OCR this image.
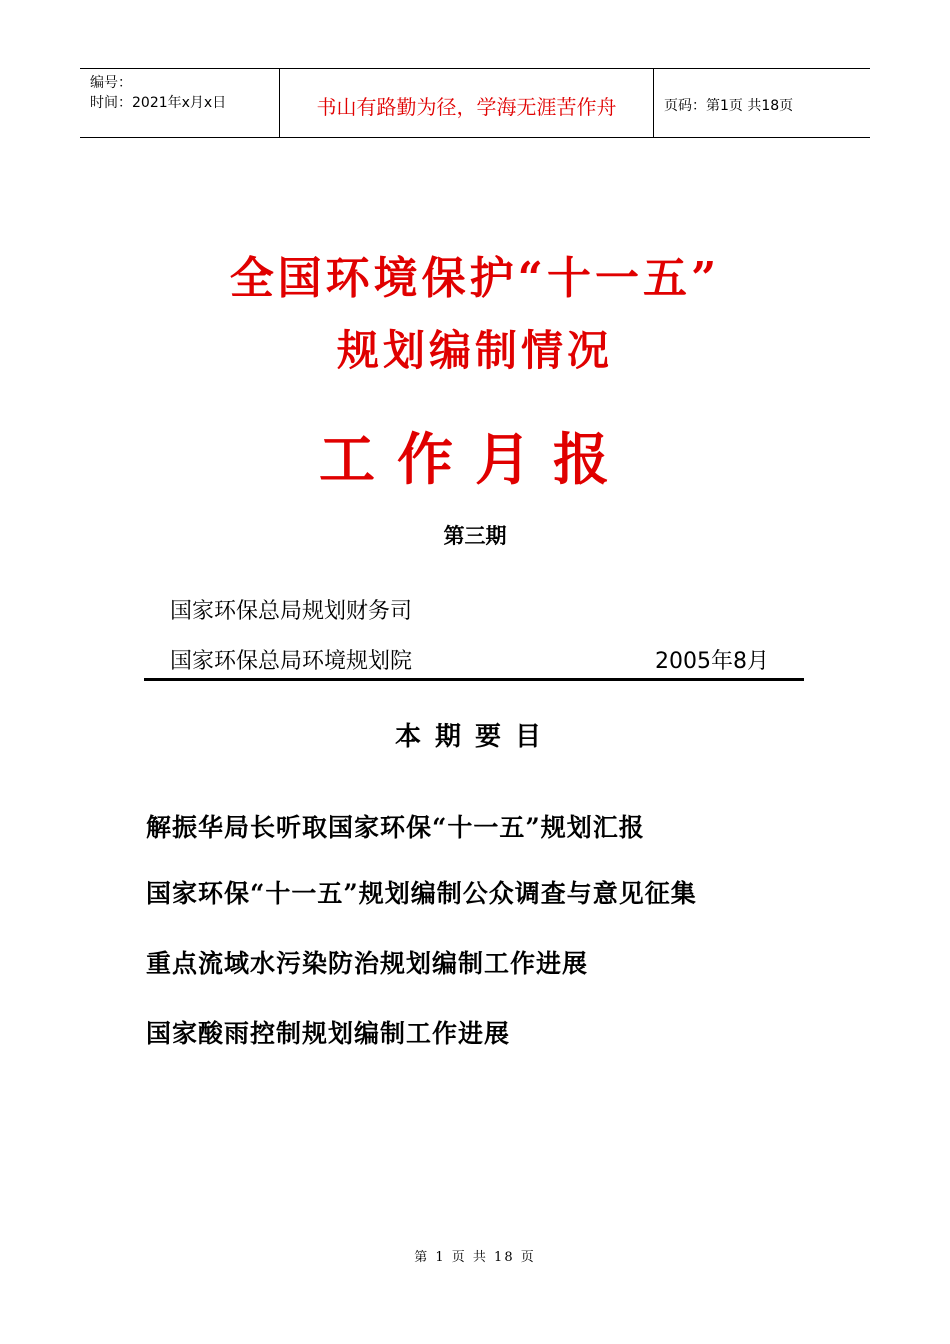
编号：
时间：2021年x月x日	书山有路勤为径，学海无涯苦作舟	页码：第1页 共18页
全国环境保护“十一五”
规划编制情况
工作月报
第三期
国家环保总局规划财务司
国家环保总局环境规划院	2005年8月
本期要目
解振华局长听取国家环保“十一五”规划汇报
国家环保“十一五”规划编制公众调查与意见征集
重点流域水污染防治规划编制工作进展
国家酸雨控制规划编制工作进展
第 1 页 共 18 页
